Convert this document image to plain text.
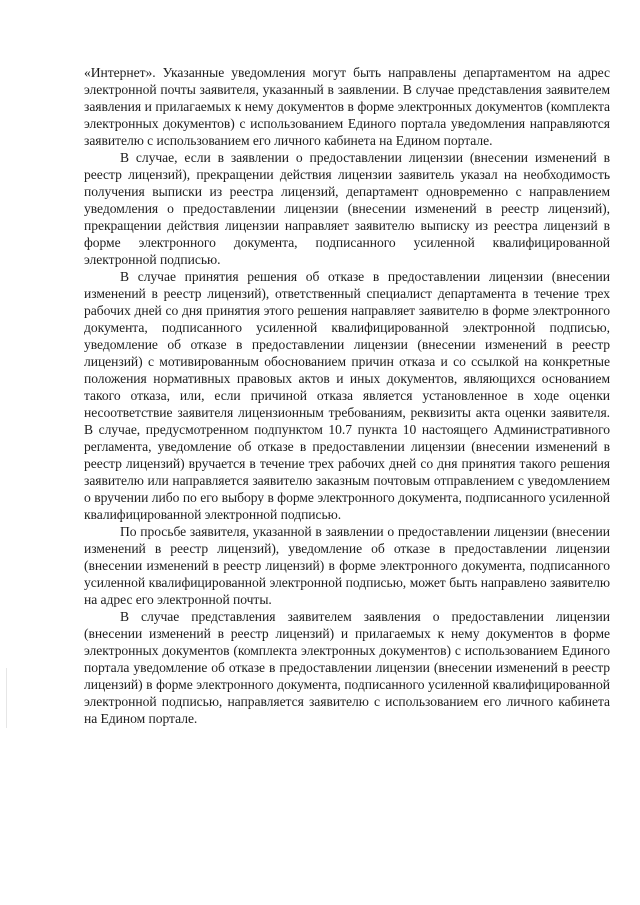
«Интернет». Указанные уведомления могут быть направлены департаментом на адрес электронной почты заявителя, указанный в заявлении. В случае представления заявителем заявления и прилагаемых к нему документов в форме электронных документов (комплекта электронных документов) с использованием Единого портала уведомления направляются заявителю с использованием его личного кабинета на Едином портале.

В случае, если в заявлении о предоставлении лицензии (внесении изменений в реестр лицензий), прекращении действия лицензии заявитель указал на необходимость получения выписки из реестра лицензий, департамент одновременно с направлением уведомления о предоставлении лицензии (внесении изменений в реестр лицензий), прекращении действия лицензии направляет заявителю выписку из реестра лицензий в форме электронного документа, подписанного усиленной квалифицированной электронной подписью.

В случае принятия решения об отказе в предоставлении лицензии (внесении изменений в реестр лицензий), ответственный специалист департамента в течение трех рабочих дней со дня принятия этого решения направляет заявителю в форме электронного документа, подписанного усиленной квалифицированной электронной подписью, уведомление об отказе в предоставлении лицензии (внесении изменений в реестр лицензий) с мотивированным обоснованием причин отказа и со ссылкой на конкретные положения нормативных правовых актов и иных документов, являющихся основанием такого отказа, или, если причиной отказа является установленное в ходе оценки несоответствие заявителя лицензионным требованиям, реквизиты акта оценки заявителя. В случае, предусмотренном подпунктом 10.7 пункта 10 настоящего Административного регламента, уведомление об отказе в предоставлении лицензии (внесении изменений в реестр лицензий) вручается в течение трех рабочих дней со дня принятия такого решения заявителю или направляется заявителю заказным почтовым отправлением с уведомлением о вручении либо по его выбору в форме электронного документа, подписанного усиленной квалифицированной электронной подписью.

По просьбе заявителя, указанной в заявлении о предоставлении лицензии (внесении изменений в реестр лицензий), уведомление об отказе в предоставлении лицензии (внесении изменений в реестр лицензий) в форме электронного документа, подписанного усиленной квалифицированной электронной подписью, может быть направлено заявителю на адрес его электронной почты.

В случае представления заявителем заявления о предоставлении лицензии (внесении изменений в реестр лицензий) и прилагаемых к нему документов в форме электронных документов (комплекта электронных документов) с использованием Единого портала уведомление об отказе в предоставлении лицензии (внесении изменений в реестр лицензий) в форме электронного документа, подписанного усиленной квалифицированной электронной подписью, направляется заявителю с использованием его личного кабинета на Едином портале.
